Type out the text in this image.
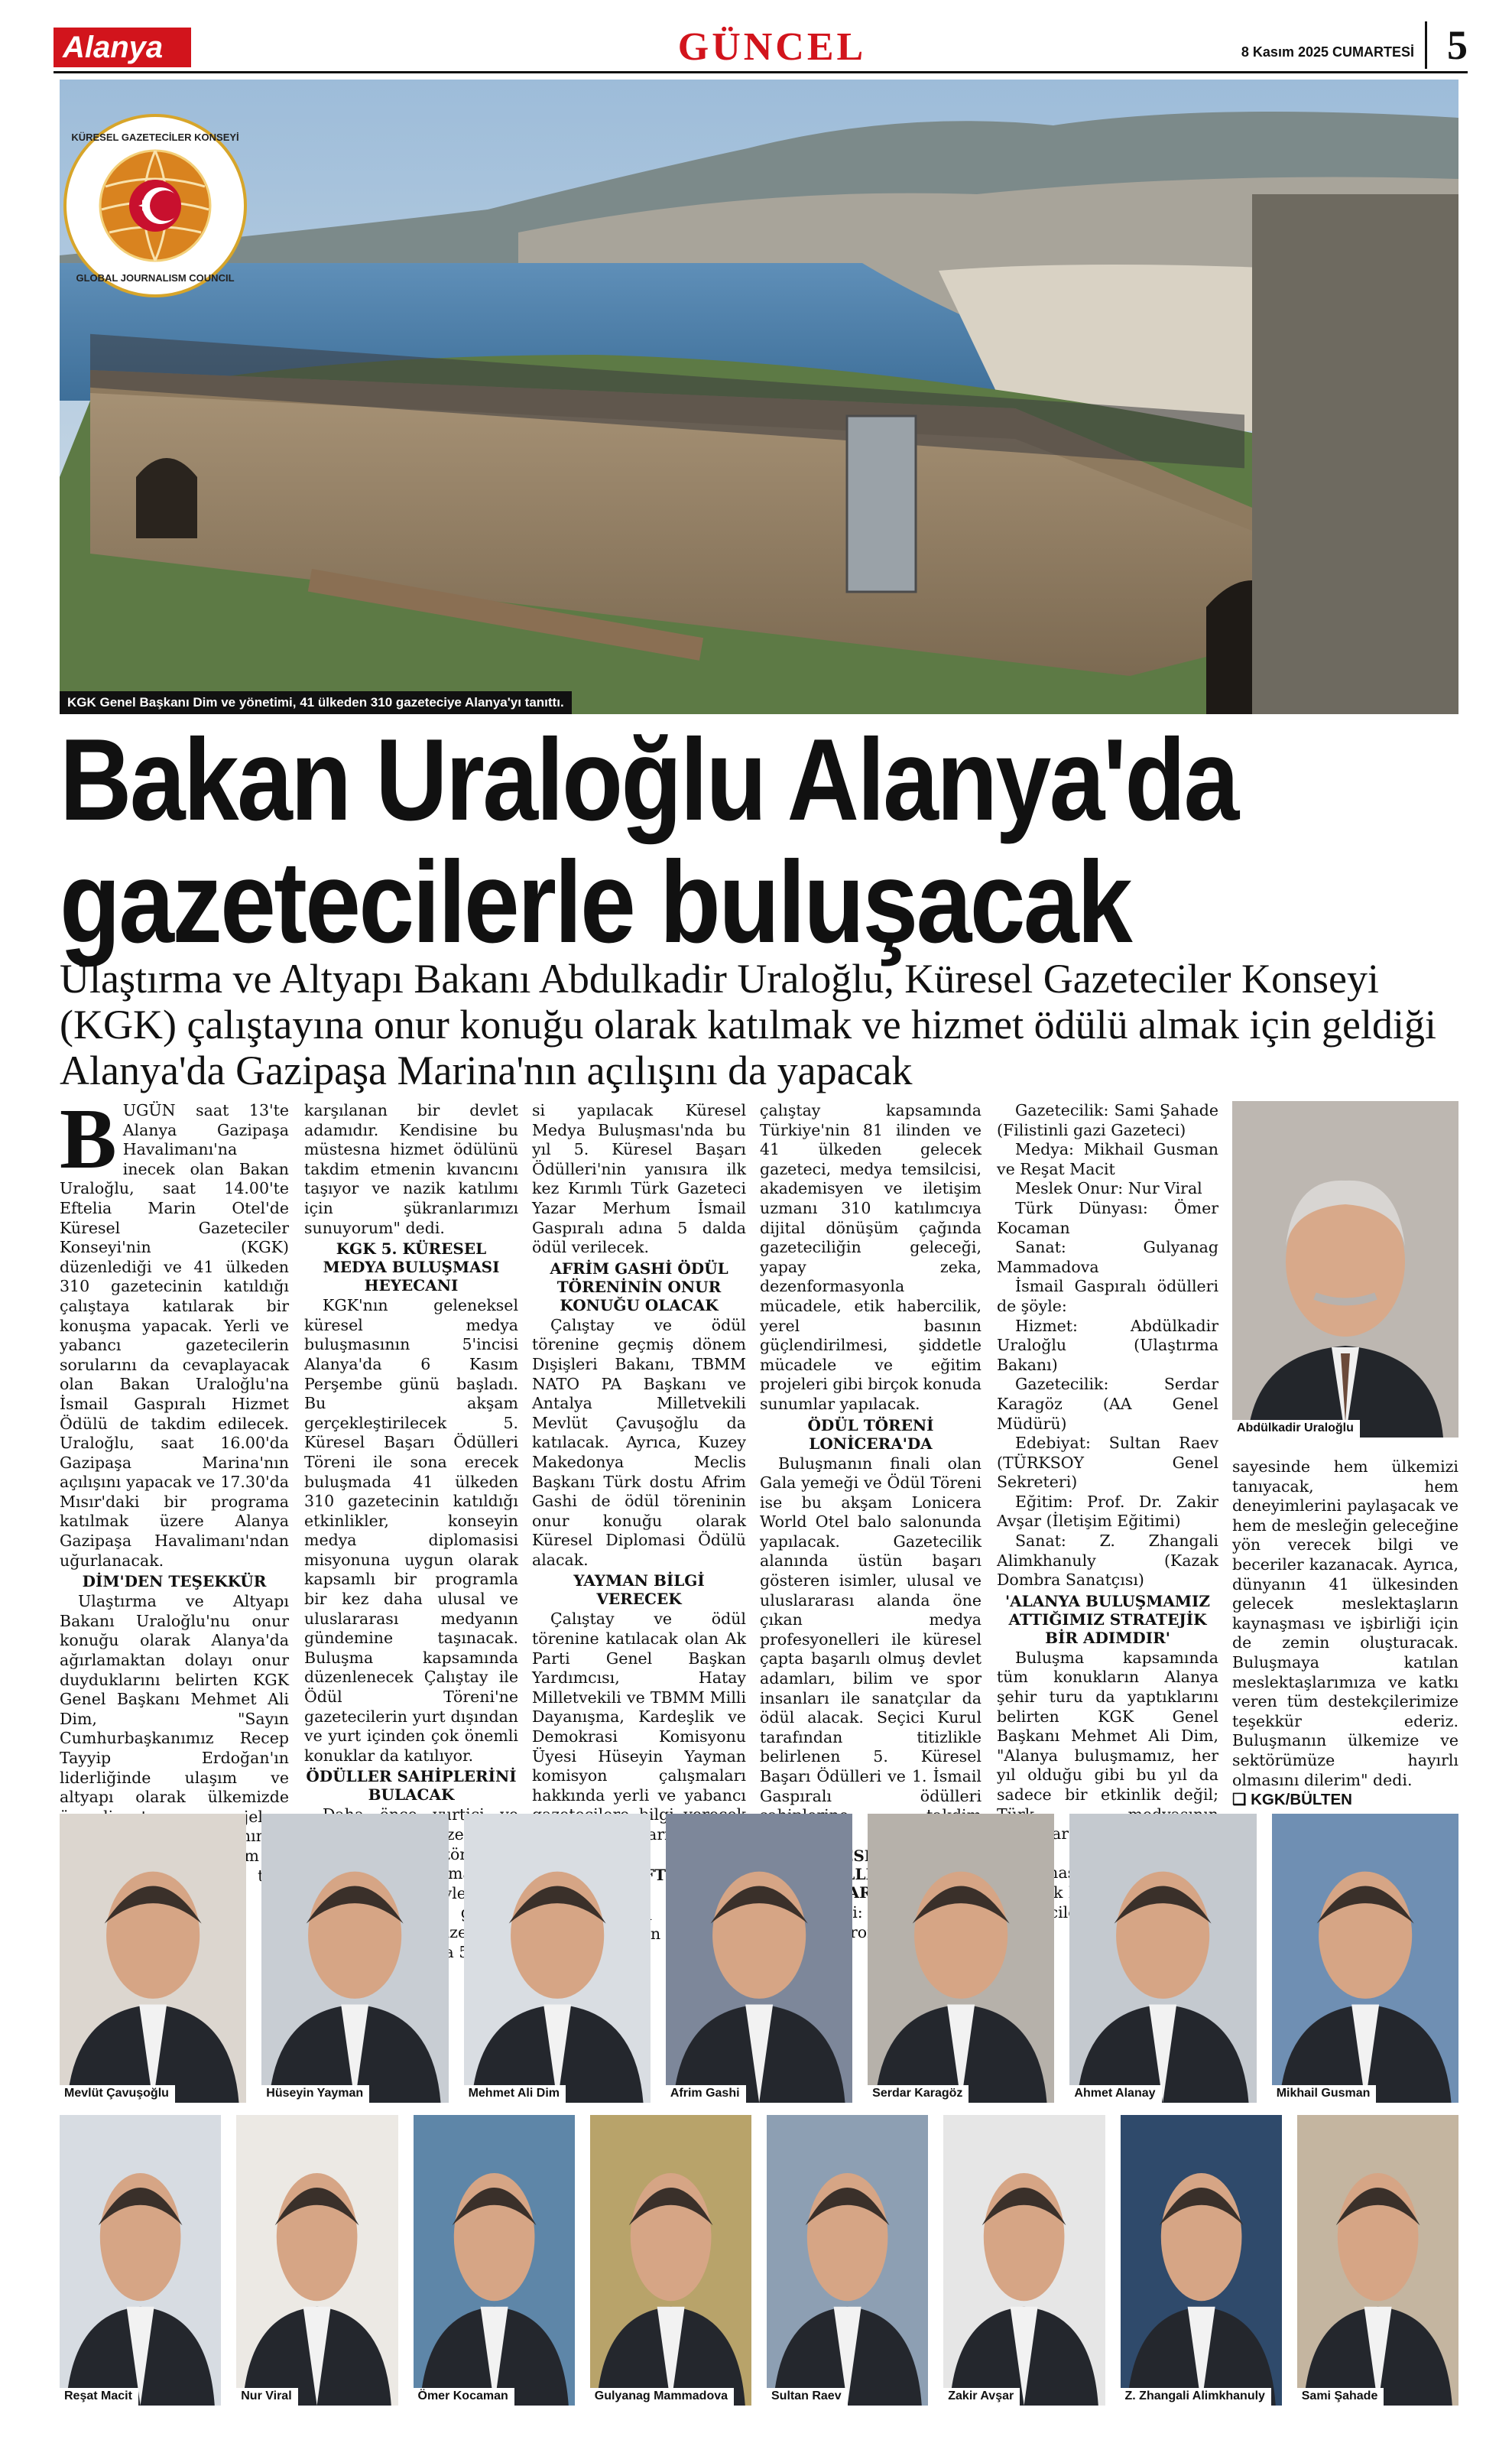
Alanya	GÜNCEL	8 Kasım 2025 CUMARTESİ 5
KÜRESEL GAZETECİLER KONSEYİ
GLOBAL JOURNALISM COUNCIL
KGK Genel Başkanı Dim ve yönetimi, 41 ülkeden 310 gazeteciye Alanya'yı tanıttı.
Bakan Uraloğlu Alanya'da
gazetecilerle buluşacak
Ulaştırma ve Altyapı Bakanı Abdulkadir Uraloğlu, Küresel Gazeteciler Konseyi (KGK) çalıştayına onur konuğu olarak katılmak ve hizmet ödülü almak için geldiği Alanya'da Gazipaşa Marina'nın açılışını da yapacak
B UGÜN saat 13'te Alanya Gazipaşa Havalimanı'na inecek olan Bakan Uraloğlu, saat 14.00'te Eftelia Marin Otel'de Küresel Gazeteciler Konseyi'nin (KGK) düzenlediği ve 41 ülkeden 310 gazetecinin katıldığı çalıştaya katılarak bir konuşma yapacak. Yerli ve yabancı gazetecilerin sorularını da cevaplayacak olan Bakan Uraloğlu'na İsmail Gaspıralı Hizmet Ödülü de takdim edilecek. Uraloğlu, saat 16.00'da Gazipaşa Marina'nın açılışını yapacak ve 17.30'da Mısır'daki bir programa katılmak üzere Alanya Gazipaşa Havalimanı'ndan uğurlanacak.

DİM'DEN TEŞEKKÜR

Ulaştırma ve Altyapı Bakanı Uraloğlu'nu onur konuğu olarak Alanya'da ağırlamaktan dolayı onur duyduklarını belirten KGK Genel Başkanı Mehmet Ali Dim, "Sayın Cumhurbaşkanımız Recep Tayyip Erdoğan'ın liderliğinde ulaşım ve altyapı olarak ülkemizde projelere

karşılanan bir devlet adamıdır. Kendisine bu müstesna hizmet ödülünü takdim etmenin kıvancını taşıyor ve nazik katılımı için şükranlarımızı sunuyorum" dedi.

KGK 5. KÜRESEL MEDYA BULUŞMASI HEYECANI

KGK'nın geleneksel küresel medya buluşmasının 5'incisi Alanya'da 6 Kasım Perşembe günü başladı. Bu akşam gerçekleştirilecek 5. Küresel Başarı Ödülleri Töreni ile sona erecek buluşmada 41 ülkeden 310 gazetecinin katıldığı etkinlikler, konseyin medya diplomasisi misyonuna uygun olarak kapsamlı bir programla bir kez daha ulusal ve uluslararası medyanın gündemine taşınacak. Buluşma kapsamında düzenlenecek Çalıştay ile Ödül Töreni'ne gazetecilerin yurt dışından ve yurt içinden çok önemli konuklar da katılıyor.

ÖDÜLLER SAHİPLERİNİ BULACAK

yurtiçi buluşmalar

si yapılacak Küresel Medya Buluşması'nda bu yıl 5. Küresel Başarı Ödülleri'nin yanısıra ilk kez Kırımlı Türk Gazeteci Yazar Merhum İsmail Gaspıralı adına 5 dalda ödül verilecek.

AFRİM GASHİ ÖDÜL TÖRENİNİN ONUR KONUĞU OLACAK

Çalıştay ve ödül törenine geçmiş dönem Dışişleri Bakanı, TBMM NATO PA Başkanı ve Antalya Milletvekili Mevlüt Çavuşoğlu da katılacak. Ayrıca, Kuzey Makedonya Meclis Başkanı Türk dostu Afrim Gashi de ödül töreninin onur konuğu olarak Küresel Diplomasi Ödülü alacak.

YAYMAN BİLGİ VERECEK

Çalıştay ve ödül törenine katılacak olan Ak Parti Genel Başkan Yardımcısı, Hatay Milletvekili ve TBMM Milli Dayanışma, Kardeşlik ve Demokrasi Komisyonu Üyesi Hüseyin Yayman komisyon çalışmaları hakkında yerli ve yabancı bilgi

çalıştay kapsamında Türkiye'nin 81 ilinden ve 41 ülkeden gelecek gazeteci, medya temsilcisi, akademisyen ve iletişim uzmanı 310 katılımcıya dijital dönüşüm çağında gazeteciliğin geleceği, yapay zeka, dezenformasyonla mücadele, etik habercilik, yerel basının güçlendirilmesi, şiddetle mücadele ve eğitim projeleri gibi birçok konuda sunumlar yapılacak.

ÖDÜL TÖRENİ LONİCERA'DA

Buluşmanın finali olan Gala yemeği ve Ödül Töreni ise bu akşam Lonicera World Otel balo salonunda yapılacak. Gazetecilik alanında üstün başarı gösteren isimler, ulusal ve uluslararası alanda öne çıkan medya profesyonelleri ile küresel çapta başarılı olmuş devlet adamları, bilim ve spor insanları ile sanatçılar da ödül alacak. Seçici Kurul tarafından titizlikle belirlenen 5. Küresel Başarı Ödülleri ve 1. İsmail Gaspıralı ödülleri

Prof.

Gazetecilik: Sami Şahade (Filistinli gazi Gazeteci)

Medya: Mikhail Gusman ve Reşat Macit

Meslek Onur: Nur Viral

Türk Dünyası: Ömer Kocaman

Sanat: Gulyanag Mammadova

İsmail Gaspıralı ödülleri de şöyle:

Hizmet: Abdülkadir Uraloğlu (Ulaştırma Bakanı)

Gazetecilik: Serdar Karagöz (AA Genel Müdürü)

Edebiyat: Sultan Raev (TÜRKSOY Genel Sekreteri)

Eğitim: Prof. Dr. Zakir Avşar (İletişim Eğitimi)

Sanat: Z. Zhangali Alimkhanuly (Kazak Dombra Sanatçısı)

'ALANYA BULUŞMAMIZ ATTIĞIMIZ STRATEJİK BİR ADIMDIR'

Buluşma kapsamında tüm konukların Alanya şehir turu da yaptıklarını belirten KGK Genel Başkanı Mehmet Ali Dim, "Alanya buluşmamız, her yıl olduğu gibi bu yıl da sadece bir etkinlik değil;

Abdülkadir Uraloğlu

sayesinde hem ülkemizi tanıyacak, hem deneyimlerini paylaşacak ve hem de mesleğin geleceğine yön verecek bilgi ve beceriler kazanacak. Ayrıca, dünyanın 41 ülkesinden gelecek meslektaşların kaynaşması ve işbirliği için de zemin oluşturacak. Buluşmaya katılan meslektaşlarımıza ve katkı veren tüm destekçilerimize teşekkür ederiz. Buluşmanın ülkemize ve sektörümüze hayırlı olmasını dilerim" dedi.

❑ KGK/BÜLTEN

Mevlüt Çavuşoğlu	Hüseyin Yayman	Mehmet Ali Dim	Afrim Gashi	Serdar Karagöz	Ahmet Alanay	Mikhail Gusman
Reşat Macit	Nur Viral	Ömer Kocaman	Gulyanag Mammadova	Sultan Raev	Zakir Avşar	Z. Zhangali Alimkhanuly	Sami Şahade
